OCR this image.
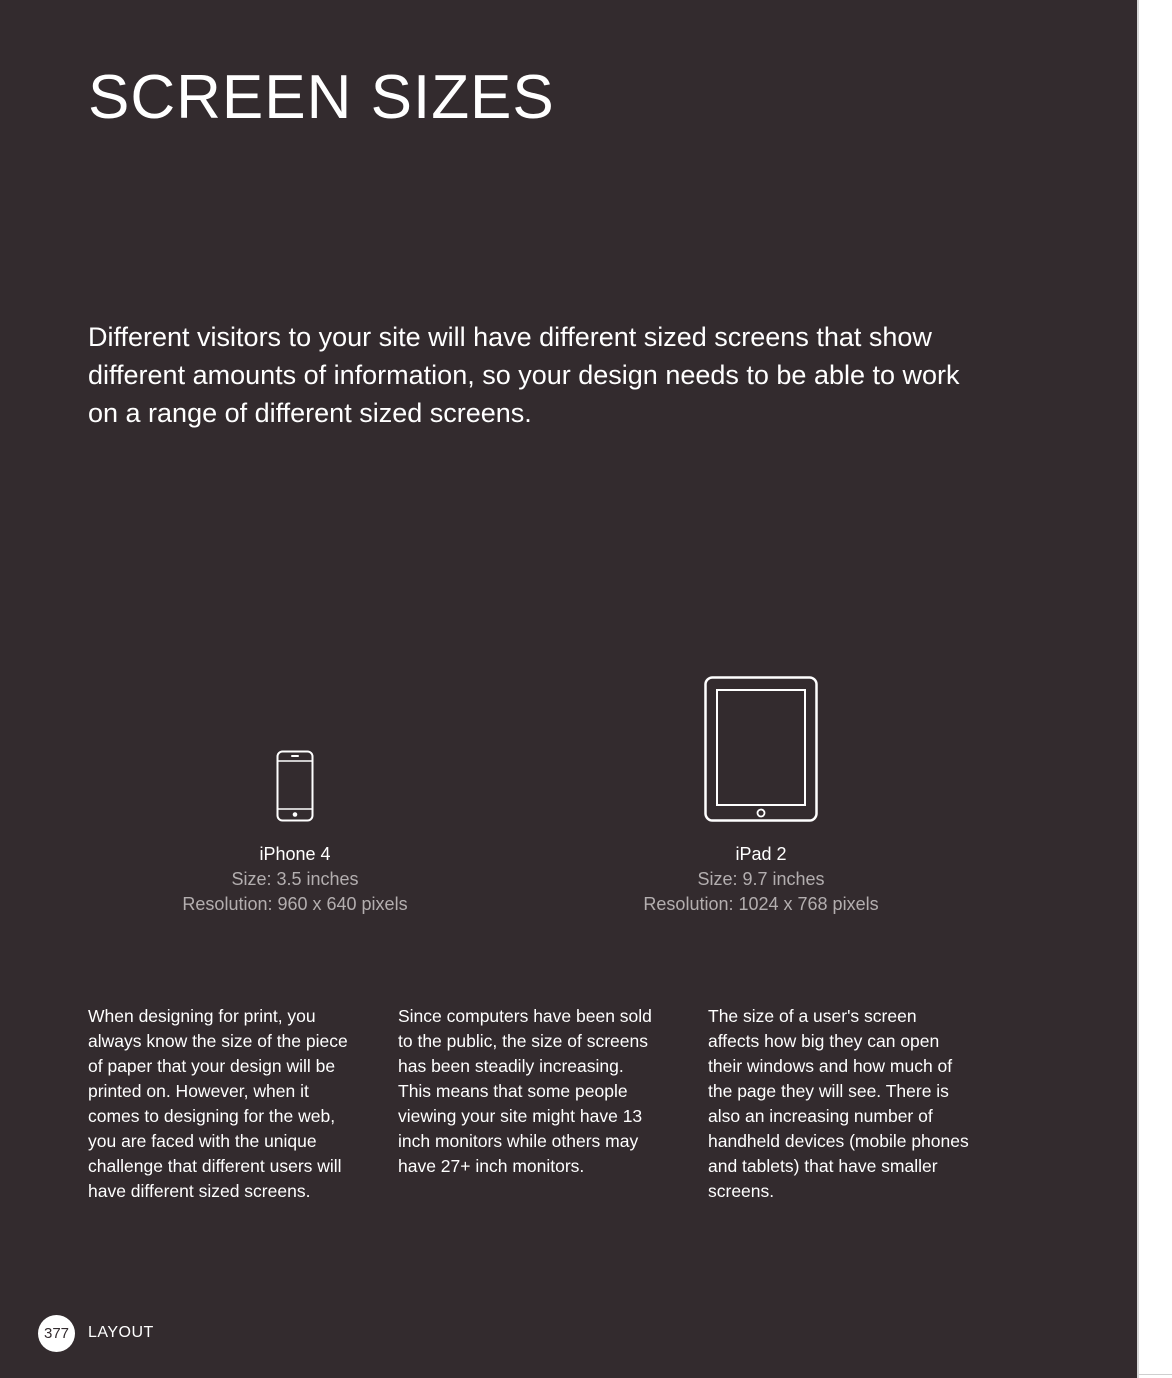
SCREEN SIZES

Different visitors to your site will have different sized screens that show different amounts of information, so your design needs to be able to work on a range of different sized screens.

iPhone 4
Size: 3.5 inches
Resolution: 960 x 640 pixels
iPad 2
Size: 9.7 inches
Resolution: 1024 x 768 pixels

When designing for print, you always know the size of the piece of paper that your design will be printed on. However, when it comes to designing for the web, you are faced with the unique challenge that different users will have different sized screens.

Since computers have been sold to the public, the size of screens has been steadily increasing. This means that some people viewing your site might have 13 inch monitors while others may have 27+ inch monitors.

The size of a user's screen affects how big they can open their windows and how much of the page they will see. There is also an increasing number of handheld devices (mobile phones and tablets) that have smaller screens.

377	LAYOUT
